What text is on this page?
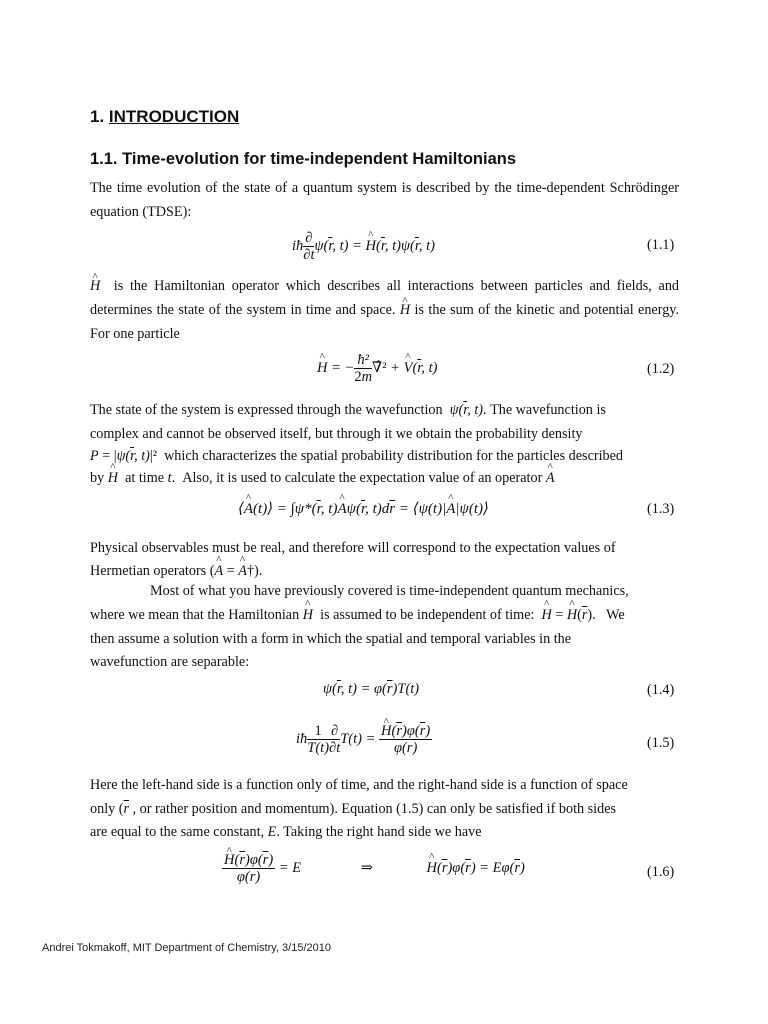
1. INTRODUCTION
1.1. Time-evolution for time-independent Hamiltonians
The time evolution of the state of a quantum system is described by the time-dependent Schrödinger equation (TDSE):
iħ $\frac{\partial}{\partial t} \psi(\overline{r}$, t) = ^ $H(\overline{r}$, $t)\psi(\overline{r}$, t)	(1.1)
^ H is the Hamiltonian operator which describes all interactions between particles and fields, and determines the state of the system in time and space. ^ H is the sum of the kinetic and potential energy. For one particle
^ H = − $\frac{\text{ħ²}}{2m}$ ∇̂² + ^ $V(\overline{r}$, t)	(1.2)
The state of the system is expressed through the wavefunction $\psi(\overline{r}$, t). The wavefunction is
complex and cannot be observed itself, but through it we obtain the probability density
$P = |\psi(\overline{r}$, t)|²  which characterizes the spatial probability distribution for the particles described
by ^ H at time t.  Also, it is used to calculate the expectation value of an operator ^ A
⟨^ A(t)⟩ = $\int\psi*(\overline{r}$, t)^ $A\psi(\overline{r}$, $t)d\overline{r}$ = ⟨ψ(t)|^ A|ψ(t)⟩	(1.3)
Physical observables must be real, and therefore will correspond to the expectation values of
Hermetian operators (^ A = ^ A†).
Most of what you have previously covered is time-independent quantum mechanics,
where we mean that the Hamiltonian ^ H is assumed to be independent of time: ^ H = ^ $H(\overline{r})$.   We
then assume a solution with a form in which the spatial and temporal variables in the
wavefunction are separable:
$\psi(\overline{r}$, $t) = \varphi(\overline{r})T(t)$	(1.4)
iħ $\frac{1}{T(t)} \frac{\partial}{\partial t} T(t)$ = ^ $\frac{H(\overline{r})\varphi(\overline{r})}{\varphi(\overline{r})}$	(1.5)
Here the left-hand side is a function only of time, and the right-hand side is a function of space
only ($\overline{r}$ , or rather position and momentum). Equation (1.5) can only be satisfied if both sides
are equal to the same constant, E. Taking the right hand side we have
^ $\frac{H(\overline{r})\varphi(\overline{r})}{\varphi(\overline{r})} = E$	⇒	^ $H(\overline{r})\varphi(\overline{r}) = E\varphi(\overline{r})$	(1.6)
Andrei Tokmakoff, MIT Department of Chemistry, 3/15/2010
